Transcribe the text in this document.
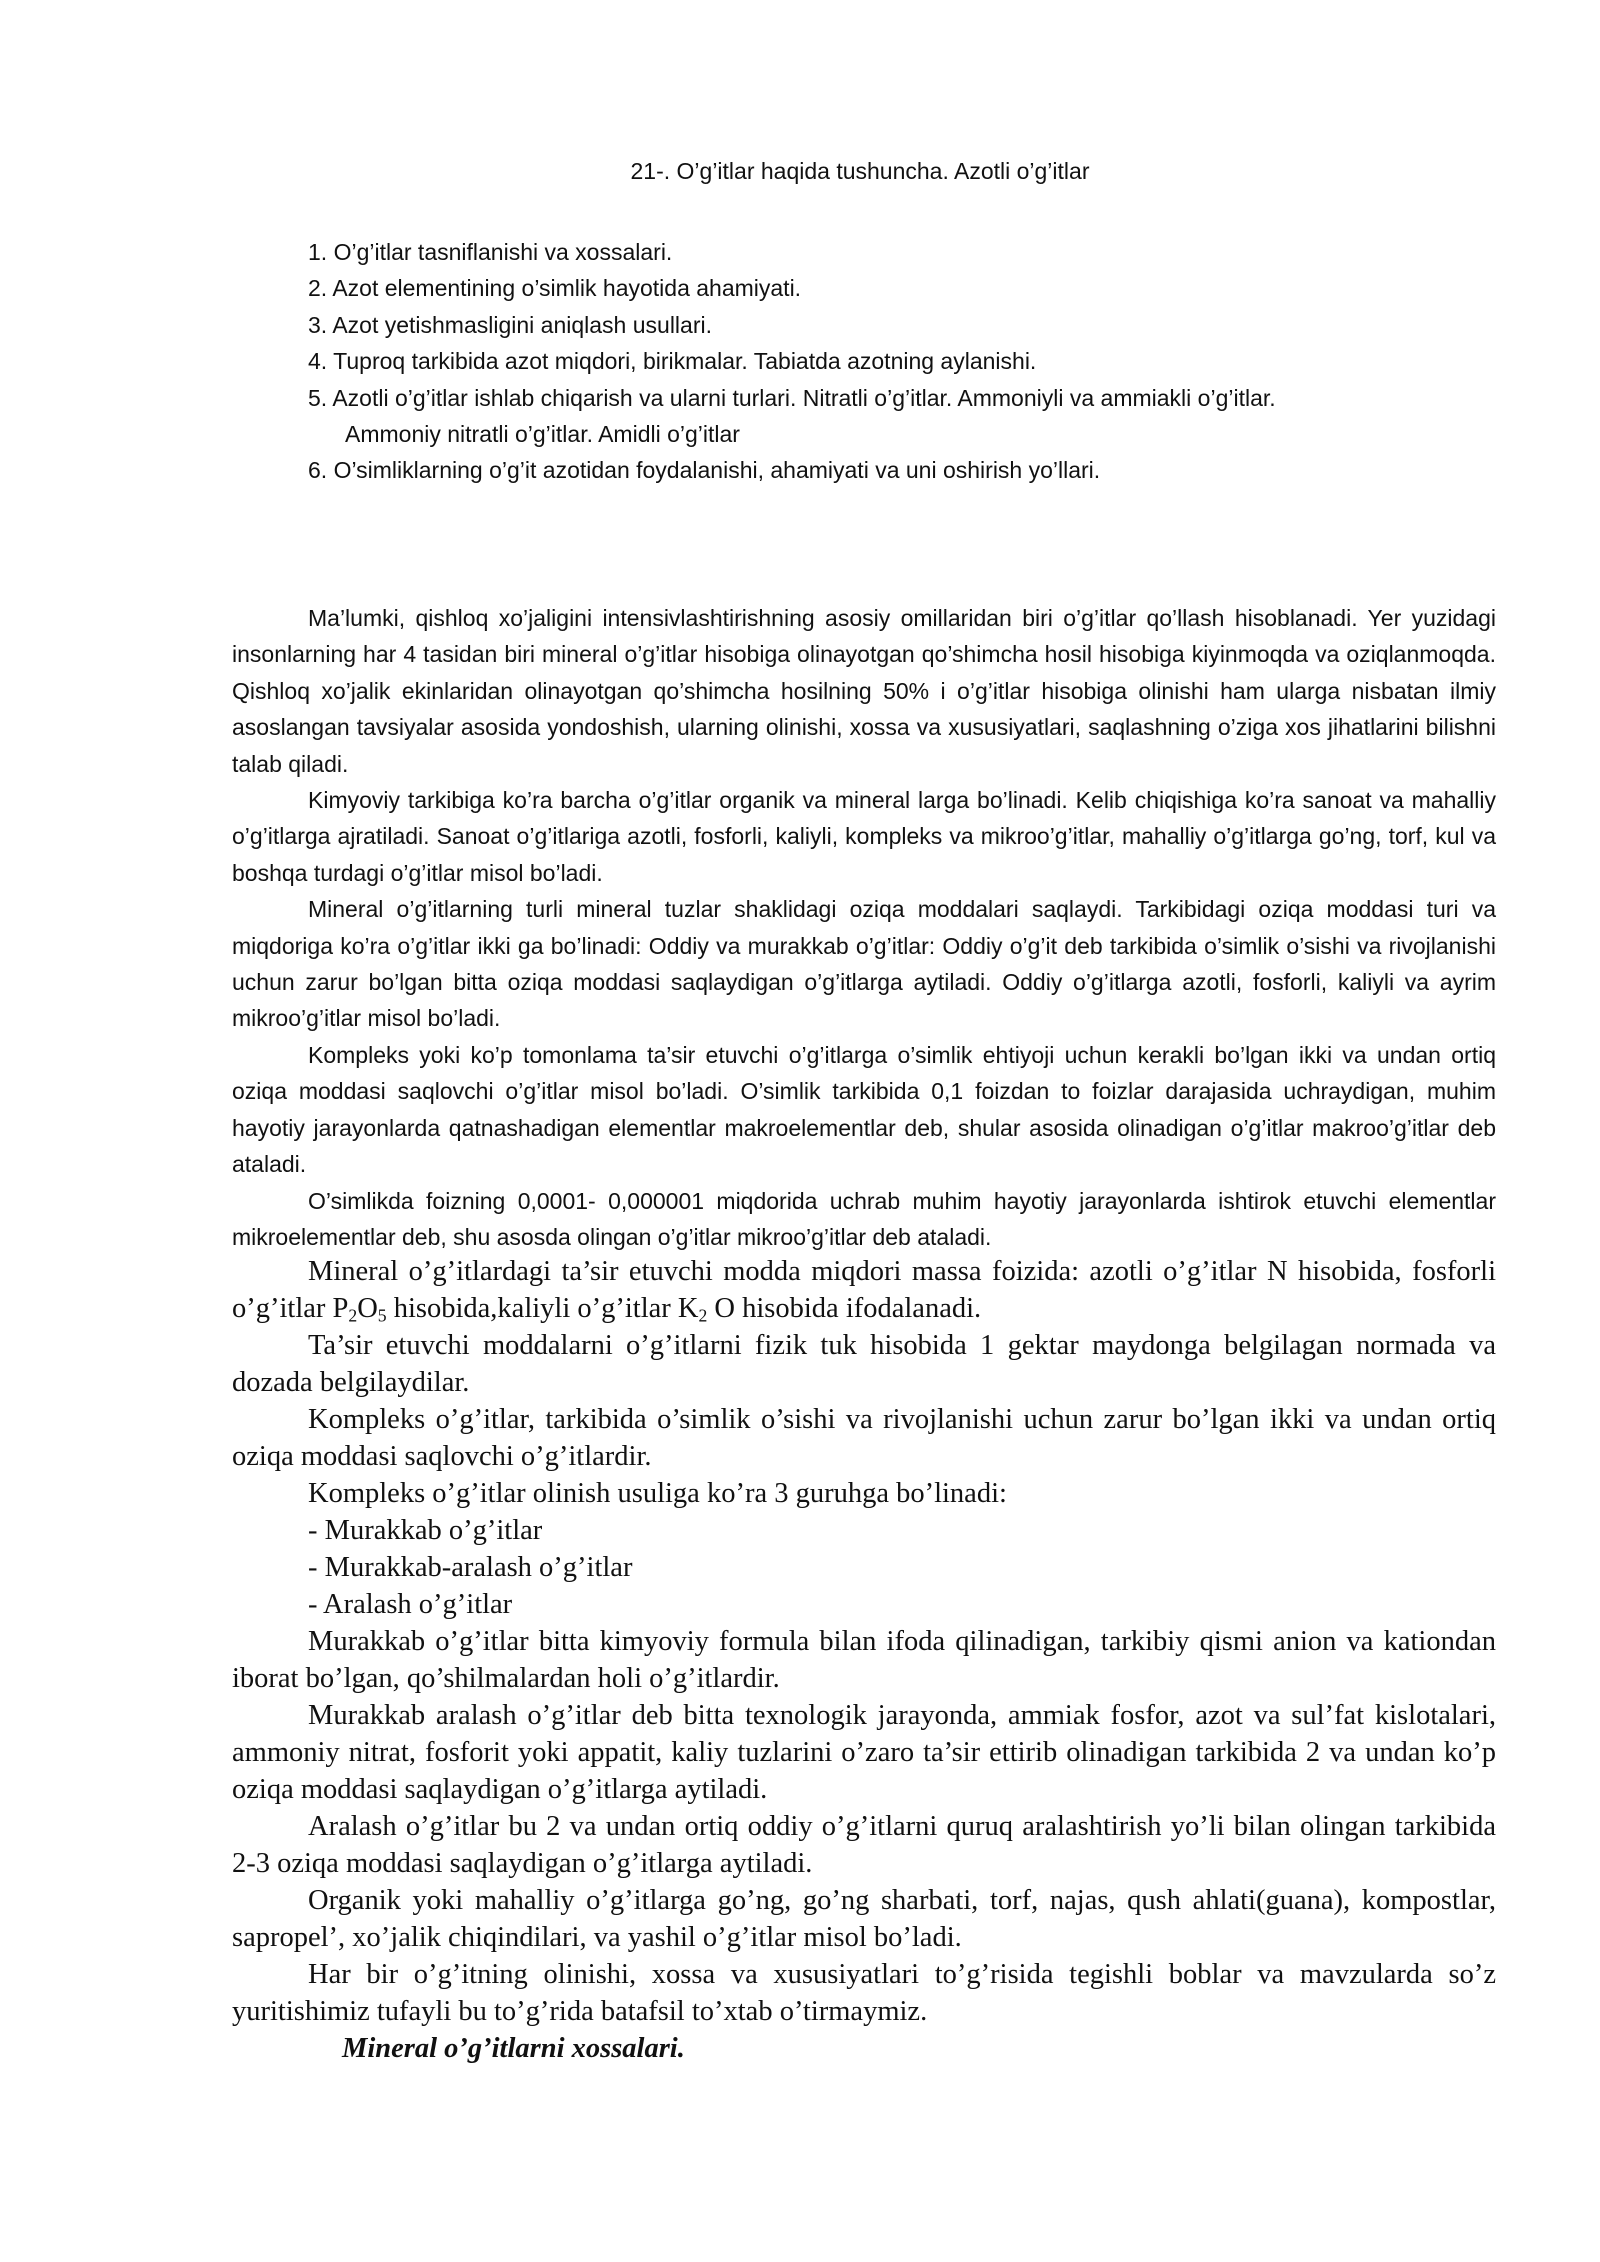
21-. O’g’itlar haqida tushuncha. Azotli o’g’itlar
1. O’g’itlar tasniflanishi va xossalari.
2. Azot elementining o’simlik hayotida ahamiyati.
3. Azot yetishmasligini aniqlash usullari.
4. Tuproq tarkibida azot miqdori, birikmalar. Tabiatda azotning aylanishi.
5. Azotli o’g’itlar ishlab chiqarish va ularni turlari. Nitratli o’g’itlar. Ammoniyli va ammiakli o’g’itlar.
Ammoniy nitratli o’g’itlar. Amidli o’g’itlar
6. O’simliklarning o’g’it azotidan foydalanishi, ahamiyati va uni oshirish yo’llari.

Ma’lumki, qishloq xo’jaligini intensivlashtirishning asosiy omillaridan biri o’g’itlar qo’llash hisoblanadi. Yer yuzidagi insonlarning har 4 tasidan biri mineral o’g’itlar hisobiga olinayotgan qo’shimcha hosil hisobiga kiyinmoqda va oziqlanmoqda. Qishloq xo’jalik ekinlaridan olinayotgan qo’shimcha hosilning 50% i o’g’itlar hisobiga olinishi ham ularga nisbatan ilmiy asoslangan tavsiyalar asosida yondoshish, ularning olinishi, xossa va xususiyatlari, saqlashning o’ziga xos jihatlarini bilishni talab qiladi.

Kimyoviy tarkibiga ko’ra barcha o’g’itlar organik va mineral larga bo’linadi. Kelib chiqishiga ko’ra sanoat va mahalliy o’g’itlarga ajratiladi. Sanoat o’g’itlariga azotli, fosforli, kaliyli, kompleks va mikroo’g’itlar, mahalliy o’g’itlarga go’ng, torf, kul va boshqa turdagi o’g’itlar misol bo’ladi.

Mineral o’g’itlarning turli mineral tuzlar shaklidagi oziqa moddalari saqlaydi. Tarkibidagi oziqa moddasi turi va miqdoriga ko’ra o’g’itlar ikki ga bo’linadi: Oddiy va murakkab o’g’itlar: Oddiy o’g’it deb tarkibida o’simlik o’sishi va rivojlanishi uchun zarur bo’lgan bitta oziqa moddasi saqlaydigan o’g’itlarga aytiladi. Oddiy o’g’itlarga azotli, fosforli, kaliyli va ayrim mikroo’g’itlar misol bo’ladi.

Kompleks yoki ko’p tomonlama ta’sir etuvchi o’g’itlarga o’simlik ehtiyoji uchun kerakli bo’lgan ikki va undan ortiq oziqa moddasi saqlovchi o’g’itlar misol bo’ladi. O’simlik tarkibida 0,1 foizdan to foizlar darajasida uchraydigan, muhim hayotiy jarayonlarda qatnashadigan elementlar makroelementlar deb, shular asosida olinadigan o’g’itlar makroo’g’itlar deb ataladi.

O’simlikda foizning 0,0001- 0,000001 miqdorida uchrab muhim hayotiy jarayonlarda ishtirok etuvchi elementlar mikroelementlar deb, shu asosda olingan o’g’itlar mikroo’g’itlar deb ataladi.

Mineral o’g’itlardagi ta’sir etuvchi modda miqdori massa foizida: azotli o’g’itlar N hisobida, fosforli o’g’itlar $P_2O_5$ hisobida,kaliyli o’g’itlar $K_2$ O hisobida ifodalanadi.

Ta’sir etuvchi moddalarni o’g’itlarni fizik tuk hisobida 1 gektar maydonga belgilagan normada va dozada belgilaydilar.

Kompleks o’g’itlar, tarkibida o’simlik o’sishi va rivojlanishi uchun zarur bo’lgan ikki va undan ortiq oziqa moddasi saqlovchi o’g’itlardir.

Kompleks o’g’itlar olinish usuliga ko’ra 3 guruhga bo’linadi:

- Murakkab o’g’itlar

- Murakkab-aralash o’g’itlar

- Aralash o’g’itlar

Murakkab o’g’itlar bitta kimyoviy formula bilan ifoda qilinadigan, tarkibiy qismi anion va kationdan iborat bo’lgan, qo’shilmalardan holi o’g’itlardir.

Murakkab aralash o’g’itlar deb bitta texnologik jarayonda, ammiak fosfor, azot va sul’fat kislotalari, ammoniy nitrat, fosforit yoki appatit, kaliy tuzlarini o’zaro ta’sir ettirib olinadigan tarkibida 2 va undan ko’p oziqa moddasi saqlaydigan o’g’itlarga aytiladi.

Aralash o’g’itlar bu 2 va undan ortiq oddiy o’g’itlarni quruq aralashtirish yo’li bilan olingan tarkibida 2-3 oziqa moddasi saqlaydigan o’g’itlarga aytiladi.

Organik yoki mahalliy o’g’itlarga go’ng, go’ng sharbati, torf, najas, qush ahlati(guana), kompostlar, sapropel’, xo’jalik chiqindilari, va yashil o’g’itlar misol bo’ladi.

Har bir o’g’itning olinishi, xossa va xususiyatlari to’g’risida tegishli boblar va mavzularda so’z yuritishimiz tufayli bu to’g’rida batafsil to’xtab o’tirmaymiz.

Mineral o’g’itlarni xossalari.
